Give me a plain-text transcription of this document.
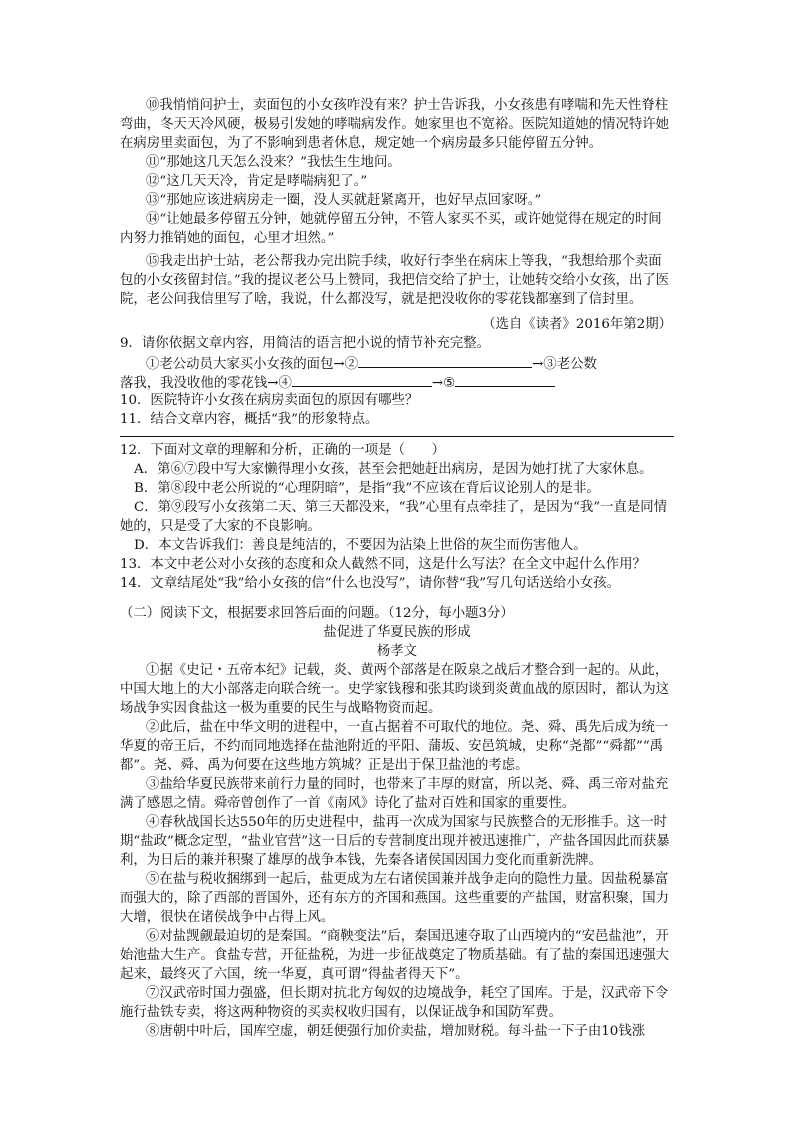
⑩我悄悄问护士，卖面包的小女孩咋没有来？护士告诉我，小女孩患有哮喘和先天性脊柱弯曲，冬天天冷风硬，极易引发她的哮喘病发作。她家里也不宽裕。医院知道她的情况特许她在病房里卖面包，为了不影响到患者休息，规定她一个病房最多只能停留五分钟。

⑪“那她这几天怎么没来？”我怯生生地问。

⑫“这几天天冷，肯定是哮喘病犯了。”

⑬“那她应该进病房走一圈，没人买就赶紧离开，也好早点回家呀。”

⑭“让她最多停留五分钟，她就停留五分钟，不管人家买不买，或许她觉得在规定的时间内努力推销她的面包，心里才坦然。”

⑮我走出护士站，老公帮我办完出院手续，收好行李坐在病床上等我，“我想给那个卖面包的小女孩留封信。”我的提议老公马上赞同，我把信交给了护士，让她转交给小女孩，出了医院，老公问我信里写了啥，我说，什么都没写，就是把没收你的零花钱都塞到了信封里。

（选自《读者》2016年第2期）

9．请你依据文章内容，用简洁的语言把小说的情节补充完整。

①老公动员大家买小女孩的面包→②	→③老公数
落我，我没收他的零花钱→④	→⑤

10．医院特许小女孩在病房卖面包的原因有哪些？

11．结合文章内容，概括“我”的形象特点。

12．下面对文章的理解和分析，正确的一项是（　　）

A．第⑥⑦段中写大家懒得理小女孩，甚至会把她赶出病房，是因为她打扰了大家休息。

B．第⑧段中老公所说的“心理阴暗”，是指“我”不应该在背后议论别人的是非。

C．第⑨段写小女孩第二天、第三天都没来，“我”心里有点牵挂了，是因为“我”一直是同情她的，只是受了大家的不良影响。

D．本文告诉我们：善良是纯洁的，不要因为沾染上世俗的灰尘而伤害他人。

13．本文中老公对小女孩的态度和众人截然不同，这是什么写法？在全文中起什么作用？

14．文章结尾处“我”给小女孩的信“什么也没写”，请你替“我”写几句话送给小女孩。

（二）阅读下文，根据要求回答后面的问题。（12分，每小题3分）

盐促进了华夏民族的形成
杨孝文

①据《史记・五帝本纪》记载，炎、黄两个部落是在阪泉之战后才整合到一起的。从此，中国大地上的大小部落走向联合统一。史学家钱穆和张其昀谈到炎黄血战的原因时，都认为这场战争实因食盐这一极为重要的民生与战略物资而起。

②此后，盐在中华文明的进程中，一直占据着不可取代的地位。尧、舜、禹先后成为统一华夏的帝王后，不约而同地选择在盐池附近的平阳、蒲坂、安邑筑城，史称“尧都”“舜都”“禹都”。尧、舜、禹为何要在这些地方筑城？正是出于保卫盐池的考虑。

③盐给华夏民族带来前行力量的同时，也带来了丰厚的财富，所以尧、舜、禹三帝对盐充满了感恩之情。舜帝曾创作了一首《南风》诗化了盐对百姓和国家的重要性。

④春秋战国长达550年的历史进程中，盐再一次成为国家与民族整合的无形推手。这一时期“盐政”概念定型，“盐业官营”这一日后的专营制度出现并被迅速推广，产盐各国因此而获暴利，为日后的兼并积聚了雄厚的战争本钱，先秦各诸侯国因国力变化而重新洗牌。

⑤在盐与税收捆绑到一起后，盐更成为左右诸侯国兼并战争走向的隐性力量。因盐税暴富而强大的，除了西部的晋国外，还有东方的齐国和燕国。这些重要的产盐国，财富积聚，国力大增，很快在诸侯战争中占得上风。

⑥对盐觊觎最迫切的是秦国。“商鞅变法”后，秦国迅速夺取了山西境内的“安邑盐池”，开始池盐大生产。食盐专营，开征盐税，为进一步征战奠定了物质基础。有了盐的秦国迅速强大起来，最终灭了六国，统一华夏，真可谓“得盐者得天下”。

⑦汉武帝时国力强盛，但长期对抗北方匈奴的边境战争，耗空了国库。于是，汉武帝下令施行盐铁专卖，将这两种物资的买卖权收归国有，以保证战争和国防军费。

⑧唐朝中叶后，国库空虚，朝廷便强行加价卖盐，增加财税。每斗盐一下子由10钱涨
